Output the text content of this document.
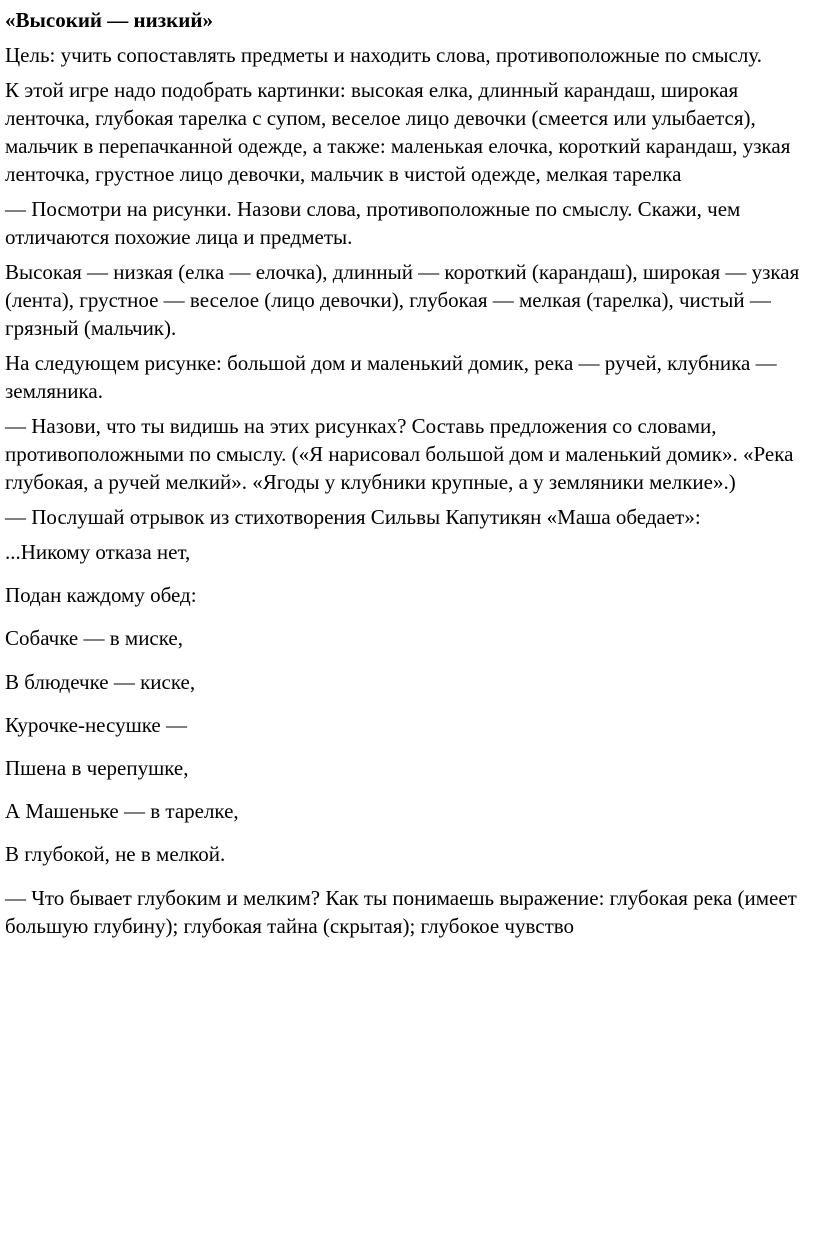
«Высокий — низкий»

Цель: учить сопоставлять предметы и находить слова, противоположные по смыслу.

К этой игре надо подобрать картинки: высокая елка, длинный карандаш, широкая ленточка, глубокая тарелка с супом, веселое лицо девочки (смеется или улыбается), мальчик в перепачканной одежде, а также: маленькая елочка, короткий карандаш, узкая ленточка, грустное лицо девочки, мальчик в чистой одежде, мелкая тарелка

— Посмотри на рисунки. Назови слова, противоположные по смыслу. Скажи, чем отличаются похожие лица и предметы.

Высокая — низкая (елка — елочка), длинный — короткий (карандаш), широкая — узкая (лента), грустное — веселое (лицо девочки), глубокая — мелкая (тарелка), чистый — грязный (мальчик).

На следующем рисунке: большой дом и маленький домик, река — ручей, клубника — земляника.

— Назови, что ты видишь на этих рисунках? Составь предложения со словами, противоположными по смыслу. («Я нарисовал большой дом и маленький домик». «Река глубокая, а ручей мелкий». «Ягоды у клубники крупные, а у земляники мелкие».)

— Послушай отрывок из стихотворения Сильвы Капутикян «Маша обедает»:

...Никому отказа нет,

Подан каждому обед:

Собачке — в миске,

В блюдечке — киске,

Курочке-несушке —

Пшена в черепушке,

А Машеньке — в тарелке,

В глубокой, не в мелкой.

— Что бывает глубоким и мелким? Как ты понимаешь выражение: глубокая река (имеет большую глубину); глубокая тайна (скрытая); глубокое чувство
